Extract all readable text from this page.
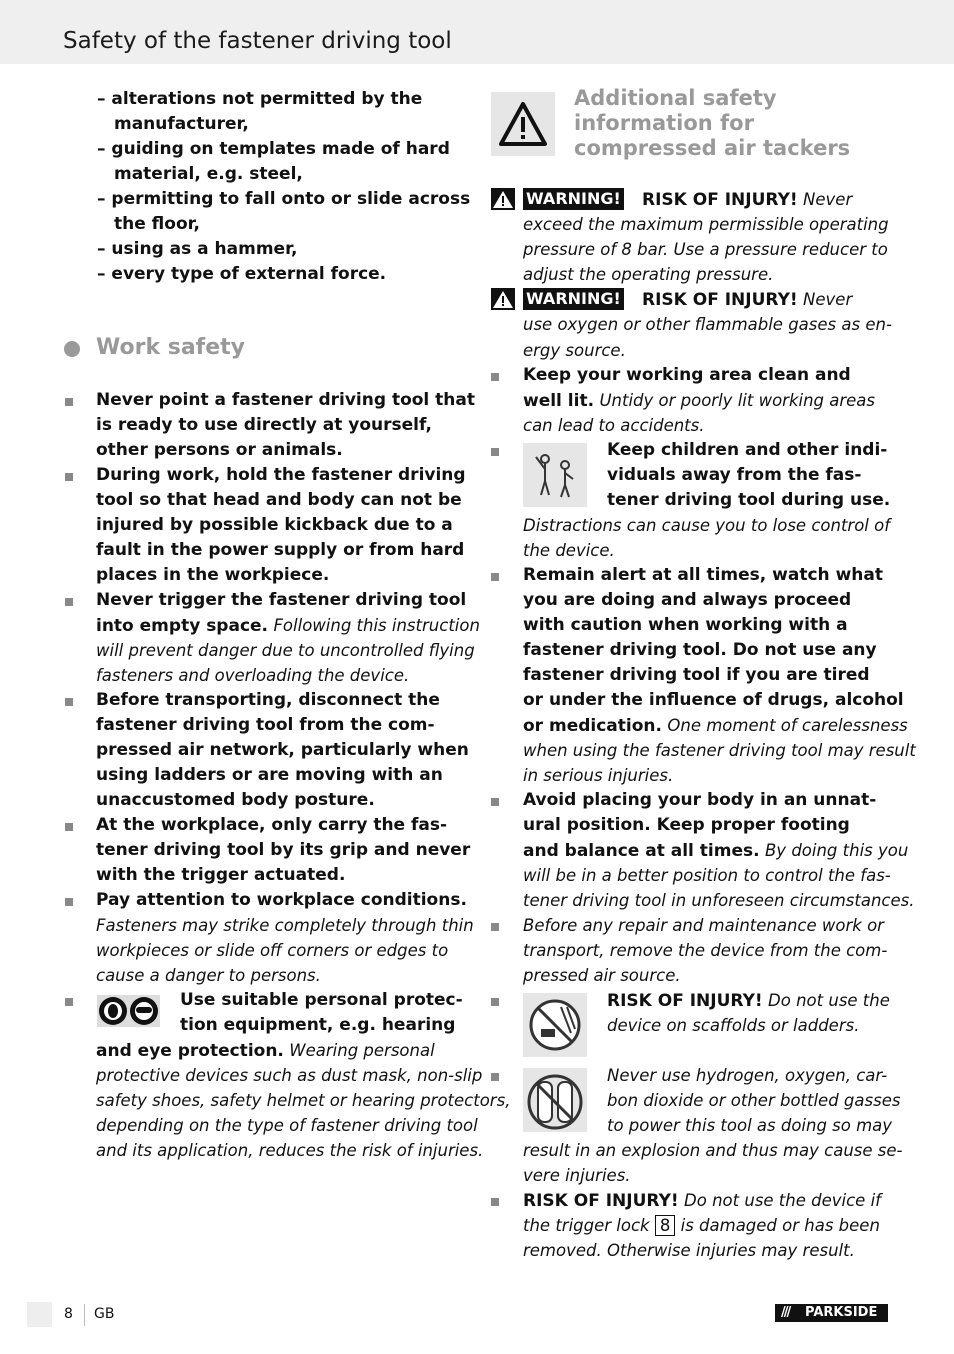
Safety of the fastener driving tool
– alterations not permitted by the
manufacturer,
– guiding on templates made of hard
material, e.g. steel,
– permitting to fall onto or slide across
the floor,
– using as a hammer,
– every type of external force.
Work safety
Never point a fastener driving tool that
is ready to use directly at yourself,
other persons or animals.
During work, hold the fastener driving
tool so that head and body can not be
injured by possible kickback due to a
fault in the power supply or from hard
places in the workpiece.
Never trigger the fastener driving tool
into empty space. Following this instruction
will prevent danger due to uncontrolled flying
fasteners and overloading the device.
Before transporting, disconnect the
fastener driving tool from the com-
pressed air network, particularly when
using ladders or are moving with an
unaccustomed body posture.
At the workplace, only carry the fas-
tener driving tool by its grip and never
with the trigger actuated.
Pay attention to workplace conditions.
Fasteners may strike completely through thin
workpieces or slide off corners or edges to
cause a danger to persons.
Use suitable personal protec-
tion equipment, e.g. hearing
and eye protection. Wearing personal
protective devices such as dust mask, non-slip
safety shoes, safety helmet or hearing protectors,
depending on the type of fastener driving tool
and its application, reduces the risk of injuries.
Additional safety
information for
compressed air tackers
WARNING! RISK OF INJURY! Never
exceed the maximum permissible operating
pressure of 8 bar. Use a pressure reducer to
adjust the operating pressure.
WARNING! RISK OF INJURY! Never
use oxygen or other flammable gases as en-
ergy source.
Keep your working area clean and
well lit. Untidy or poorly lit working areas
can lead to accidents.
Keep children and other indi-
viduals away from the fas-
tener driving tool during use.
Distractions can cause you to lose control of
the device.
Remain alert at all times, watch what
you are doing and always proceed
with caution when working with a
fastener driving tool. Do not use any
fastener driving tool if you are tired
or under the influence of drugs, alcohol
or medication. One moment of carelessness
when using the fastener driving tool may result
in serious injuries.
Avoid placing your body in an unnat-
ural position. Keep proper footing
and balance at all times. By doing this you
will be in a better position to control the fas-
tener driving tool in unforeseen circumstances.
Before any repair and maintenance work or
transport, remove the device from the com-
pressed air source.
RISK OF INJURY! Do not use the
device on scaffolds or ladders.
Never use hydrogen, oxygen, car-
bon dioxide or other bottled gasses
to power this tool as doing so may
result in an explosion and thus may cause se-
vere injuries.
RISK OF INJURY! Do not use the device if
the trigger lock 8 is damaged or has been
removed. Otherwise injuries may result.
8 GB	/// PARKSIDE
